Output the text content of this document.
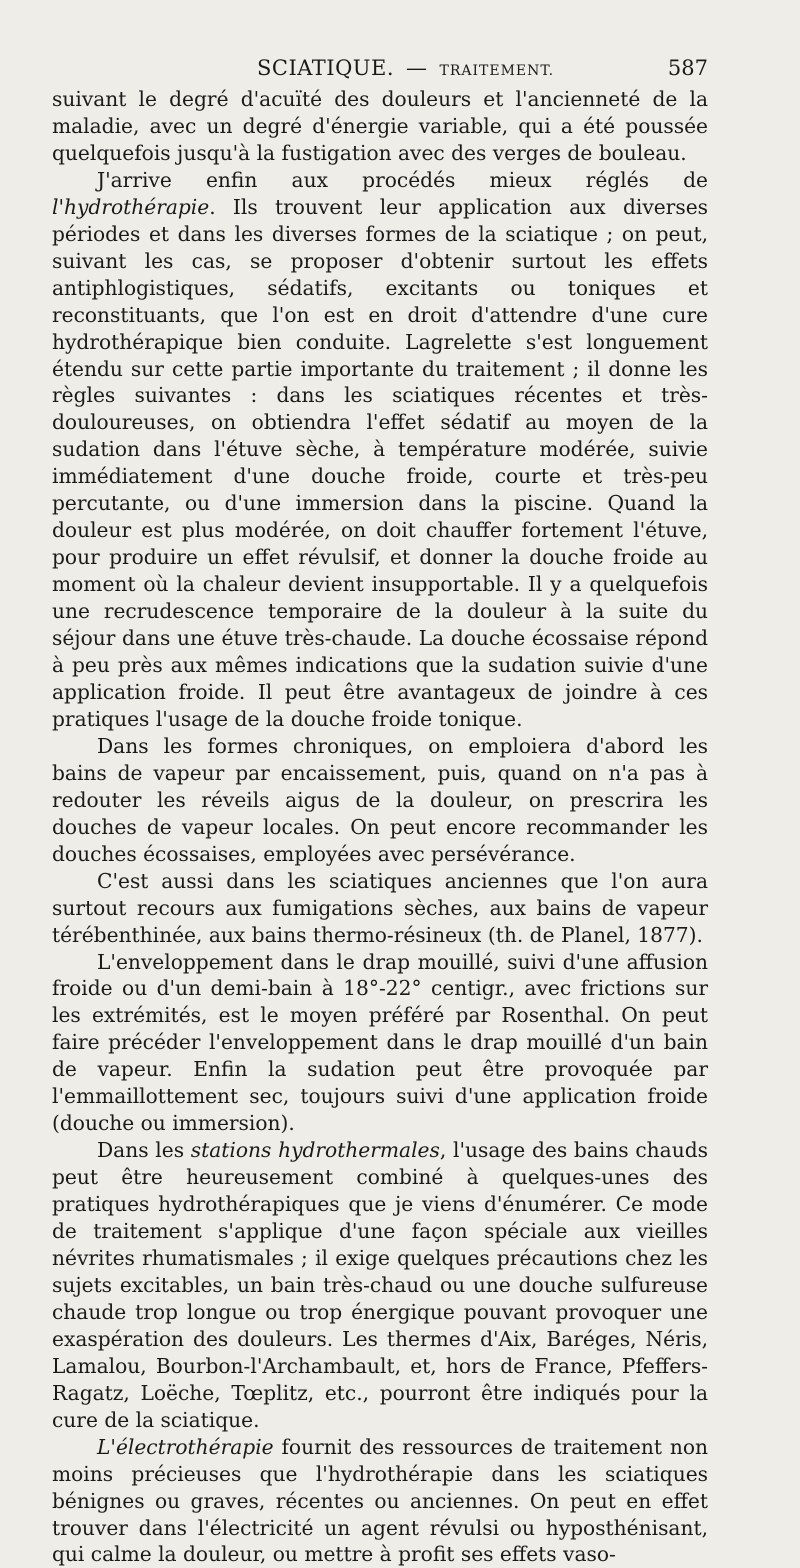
SCIATIQUE. — TRAITEMENT.	587

suivant le degré d'acuïté des douleurs et l'ancienneté de la maladie, avec un degré d'énergie variable, qui a été poussée quelquefois jusqu'à la fustigation avec des verges de bouleau.

J'arrive enfin aux procédés mieux réglés de l'hydrothérapie. Ils trouvent leur application aux diverses périodes et dans les diverses formes de la sciatique ; on peut, suivant les cas, se proposer d'obtenir surtout les effets antiphlogistiques, sédatifs, excitants ou toniques et reconstituants, que l'on est en droit d'attendre d'une cure hydrothérapique bien conduite. Lagrelette s'est longuement étendu sur cette partie importante du traitement ; il donne les règles suivantes : dans les sciatiques récentes et très-douloureuses, on obtiendra l'effet sédatif au moyen de la sudation dans l'étuve sèche, à température modérée, suivie immédiatement d'une douche froide, courte et très-peu percutante, ou d'une immersion dans la piscine. Quand la douleur est plus modérée, on doit chauffer fortement l'étuve, pour produire un effet révulsif, et donner la douche froide au moment où la chaleur devient insupportable. Il y a quelquefois une recrudescence temporaire de la douleur à la suite du séjour dans une étuve très-chaude. La douche écossaise répond à peu près aux mêmes indications que la sudation suivie d'une application froide. Il peut être avantageux de joindre à ces pratiques l'usage de la douche froide tonique.

Dans les formes chroniques, on emploiera d'abord les bains de vapeur par encaissement, puis, quand on n'a pas à redouter les réveils aigus de la douleur, on prescrira les douches de vapeur locales. On peut encore recommander les douches écossaises, employées avec persévérance.

C'est aussi dans les sciatiques anciennes que l'on aura surtout recours aux fumigations sèches, aux bains de vapeur térébenthinée, aux bains thermo-résineux (th. de Planel, 1877).

L'enveloppement dans le drap mouillé, suivi d'une affusion froide ou d'un demi-bain à 18°-22° centigr., avec frictions sur les extrémités, est le moyen préféré par Rosenthal. On peut faire précéder l'enveloppement dans le drap mouillé d'un bain de vapeur. Enfin la sudation peut être provoquée par l'emmaillottement sec, toujours suivi d'une application froide (douche ou immersion).

Dans les stations hydrothermales, l'usage des bains chauds peut être heureusement combiné à quelques-unes des pratiques hydrothérapiques que je viens d'énumérer. Ce mode de traitement s'applique d'une façon spéciale aux vieilles névrites rhumatismales ; il exige quelques précautions chez les sujets excitables, un bain très-chaud ou une douche sulfureuse chaude trop longue ou trop énergique pouvant provoquer une exaspération des douleurs. Les thermes d'Aix, Baréges, Néris, Lamalou, Bourbon-l'Archambault, et, hors de France, Pfeffers-Ragatz, Loëche, Tœplitz, etc., pourront être indiqués pour la cure de la sciatique.

L'électrothérapie fournit des ressources de traitement non moins précieuses que l'hydrothérapie dans les sciatiques bénignes ou graves, récentes ou anciennes. On peut en effet trouver dans l'électricité un agent révulsi ou hyposthénisant, qui calme la douleur, ou mettre à profit ses effets vaso-
